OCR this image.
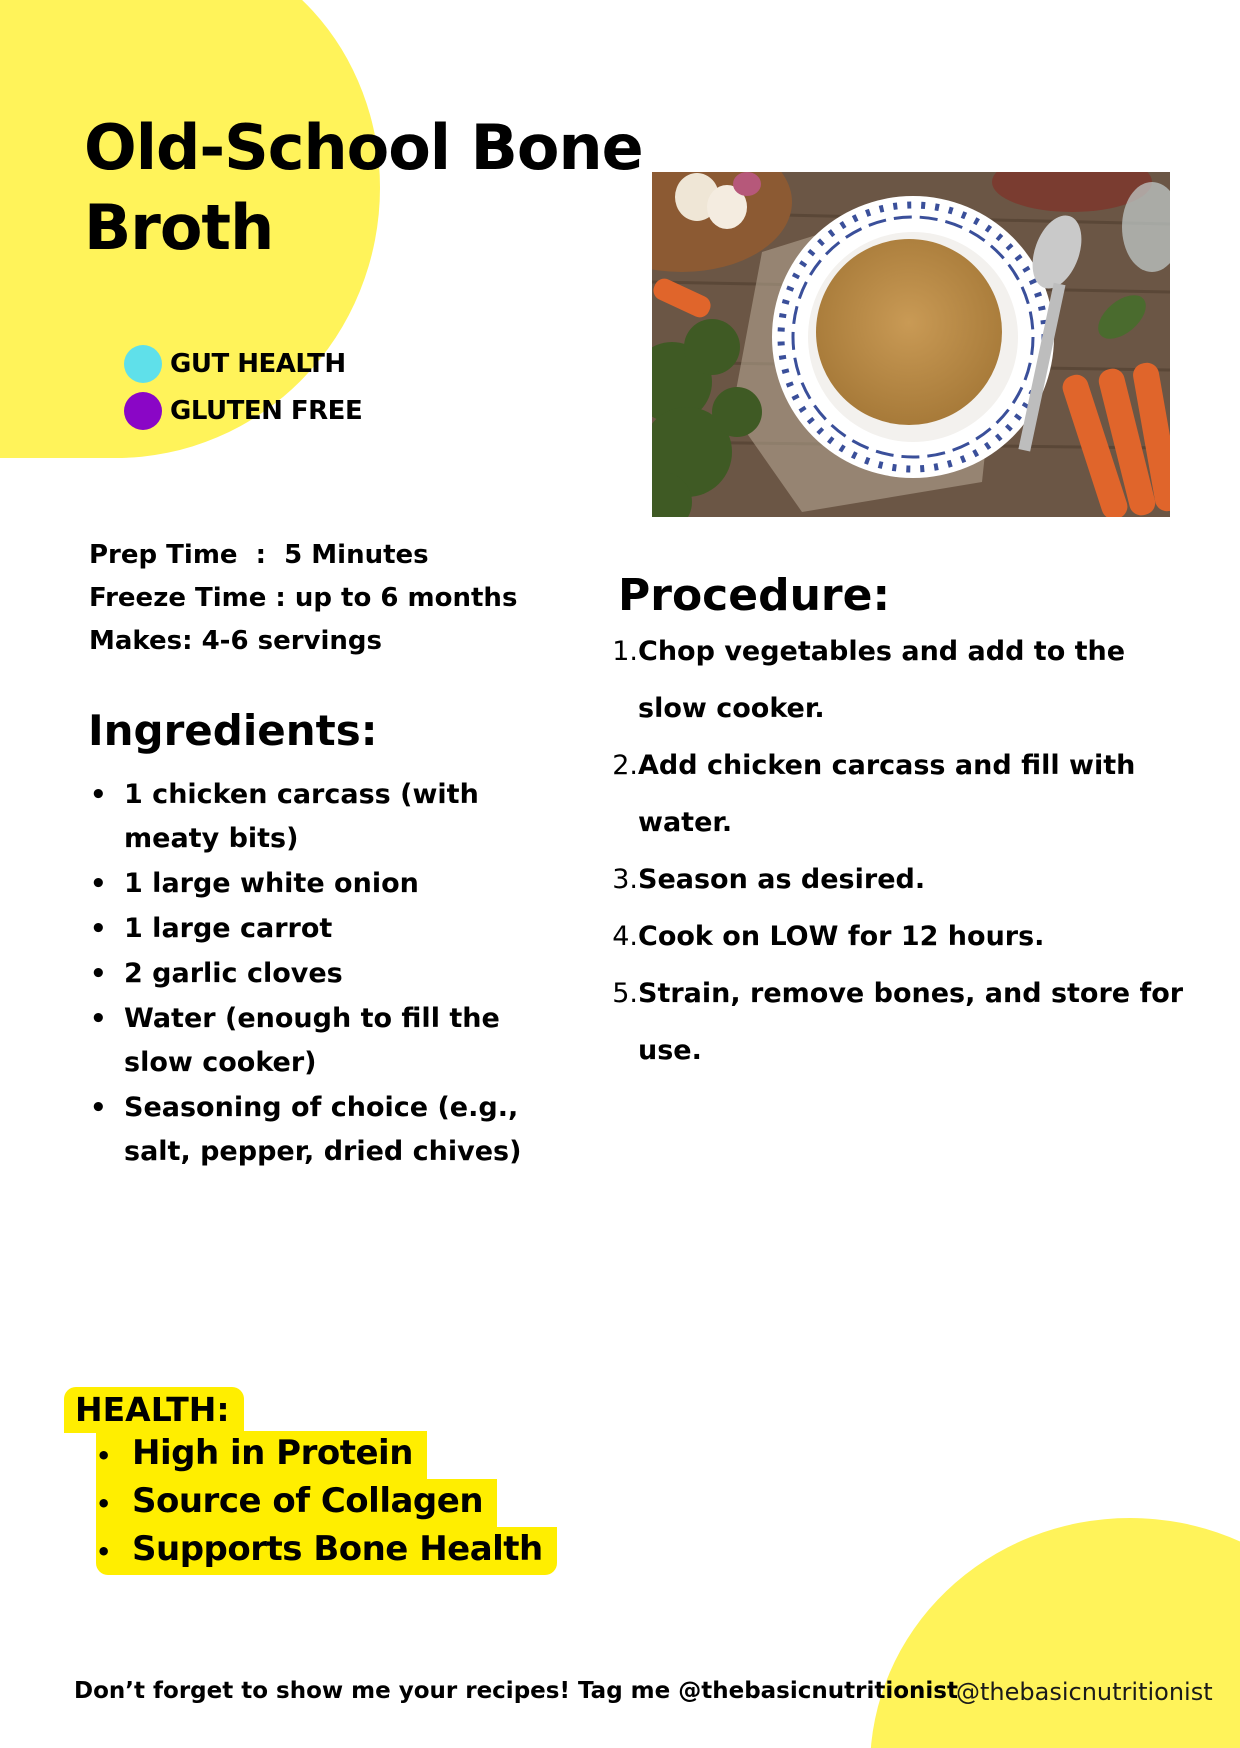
Old-School Bone
Broth
GUT HEALTH
GLUTEN FREE
Prep Time  :  5 Minutes
Freeze Time : up to 6 months
Makes: 4-6 servings
Ingredients:
• 1 chicken carcass (with meaty bits)
• 1 large white onion
• 1 large carrot
• 2 garlic cloves
• Water (enough to fill the slow cooker)
• Seasoning of choice (e.g., salt, pepper, dried chives)
Procedure:
1. Chop vegetables and add to the slow cooker.
2. Add chicken carcass and fill with water.
3. Season as desired.
4. Cook on LOW for 12 hours.
5. Strain, remove bones, and store for use.
HEALTH:
• High in Protein
• Source of Collagen
• Supports Bone Health
Don’t forget to show me your recipes! Tag me @thebasicnutritionist
@thebasicnutritionist
